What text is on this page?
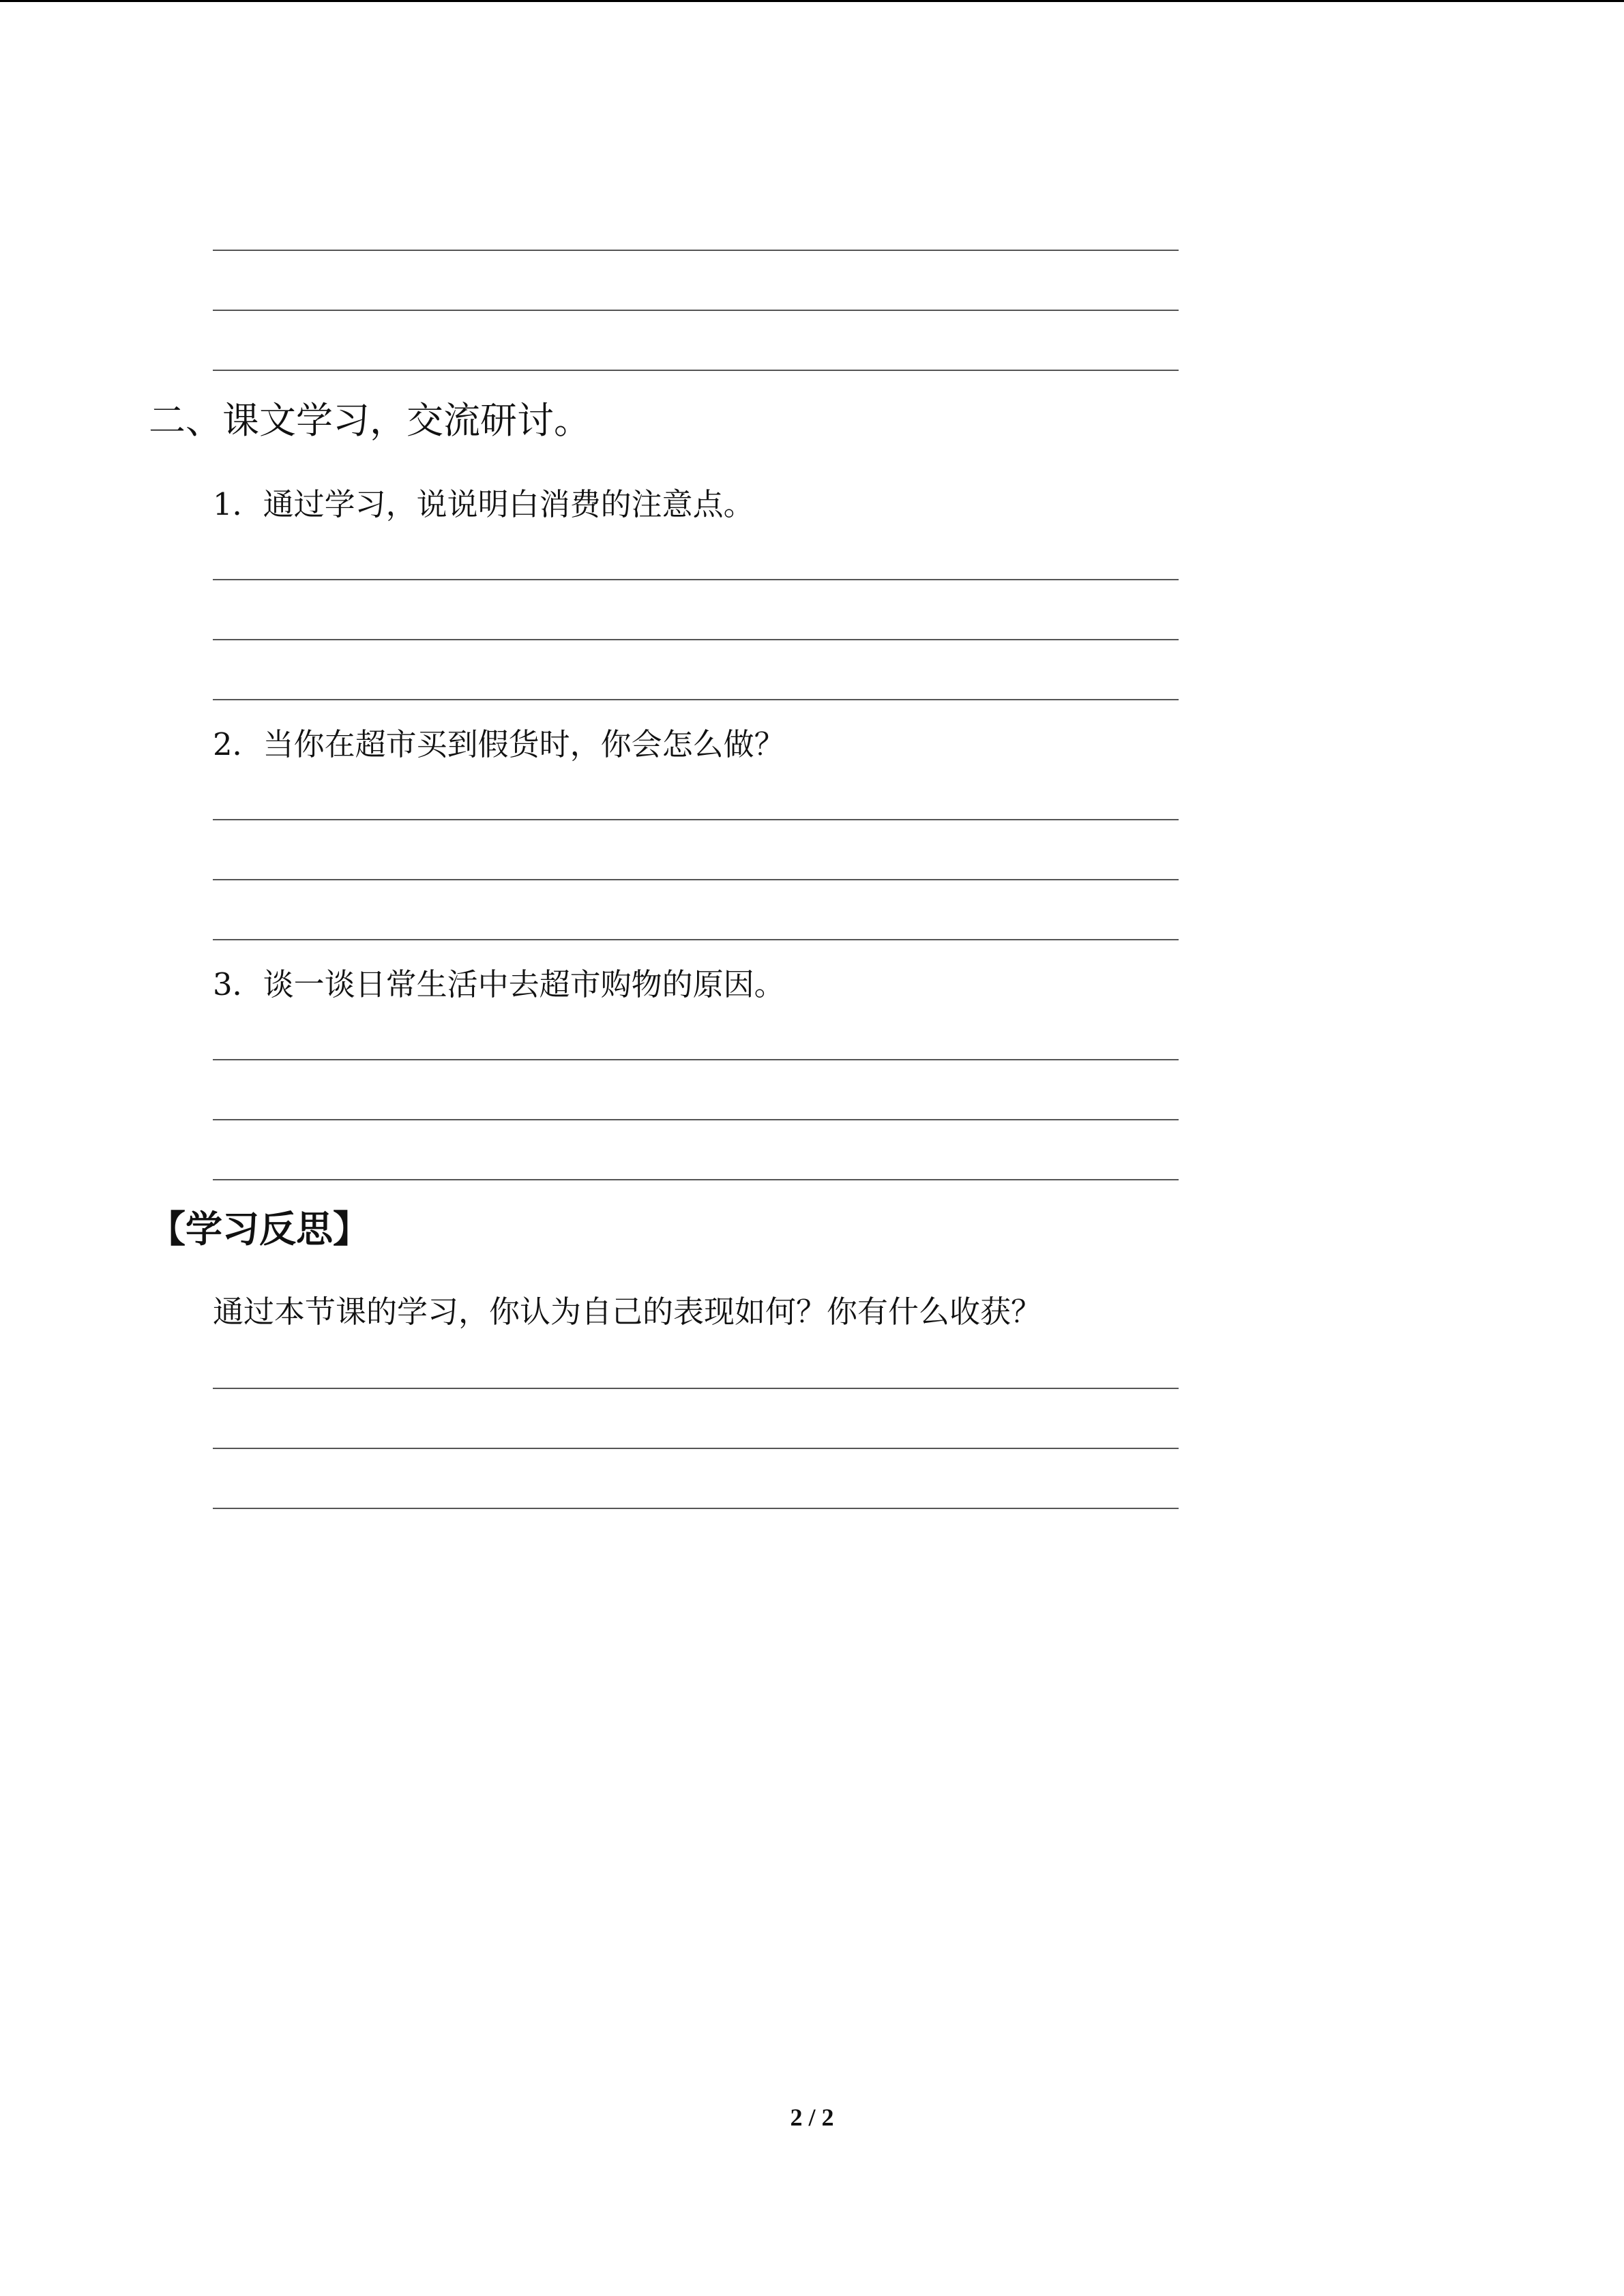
二、课文学习，交流研讨。
1．通过学习，说说明白消费的注意点。
2．当你在超市买到假货时，你会怎么做？
3．谈一谈日常生活中去超市购物的原因。
【学习反思】
通过本节课的学习，你认为自己的表现如何？你有什么收获？
2 / 2
